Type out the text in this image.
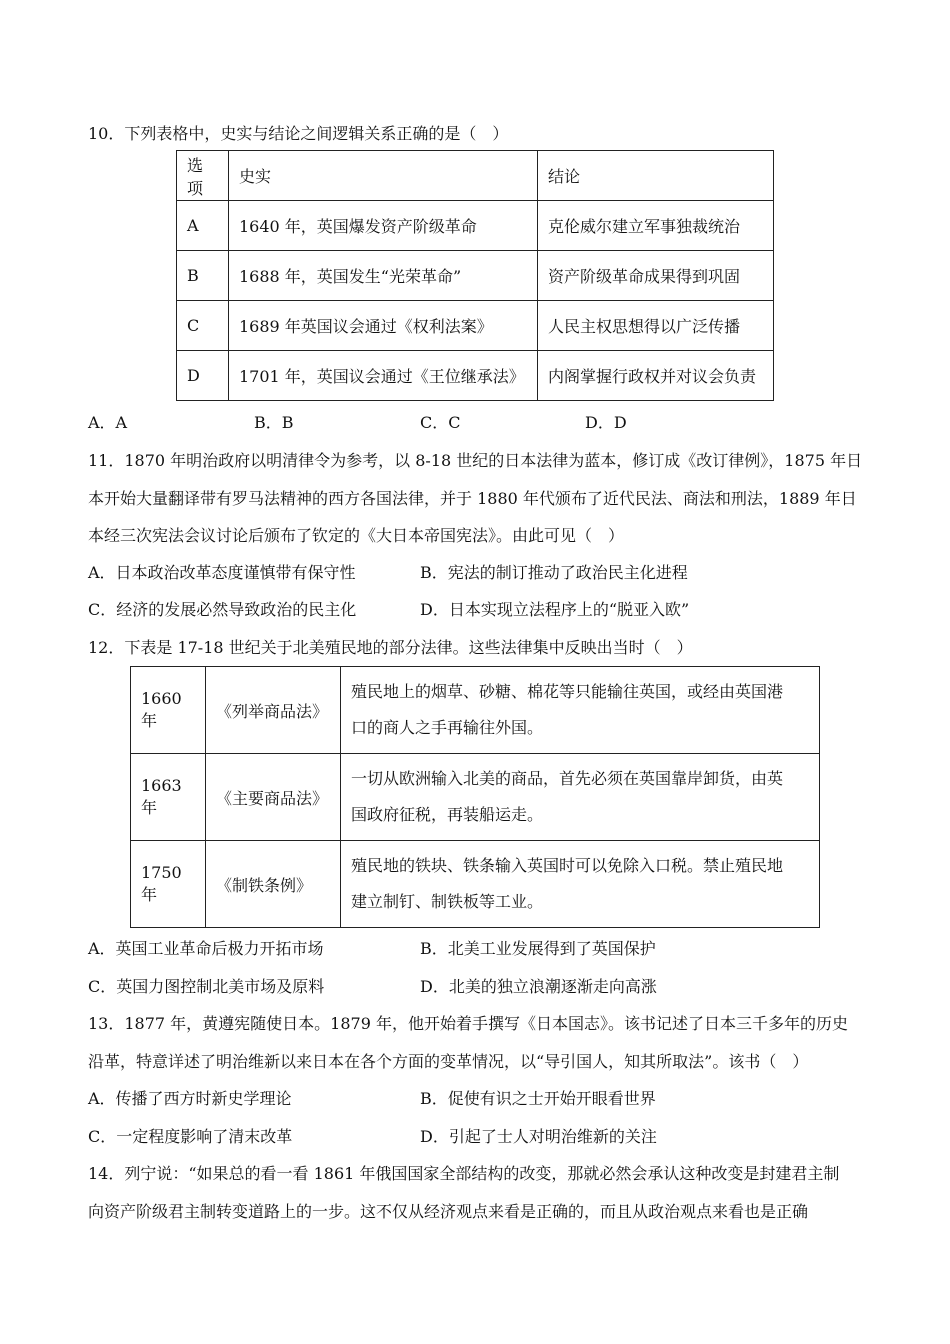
10．下列表格中，史实与结论之间逻辑关系正确的是（　）
选项	史实	结论
A	1640 年，英国爆发资产阶级革命	克伦威尔建立军事独裁统治
B	1688 年，英国发生“光荣革命”	资产阶级革命成果得到巩固
C	1689 年英国议会通过《权利法案》	人民主权思想得以广泛传播
D	1701 年，英国议会通过《王位继承法》	内阁掌握行政权并对议会负责
A．A	B．B	C．C	D．D
11．1870 年明治政府以明清律令为参考，以 8-18 世纪的日本法律为蓝本，修订成《改订律例》，1875 年日
本开始大量翻译带有罗马法精神的西方各国法律，并于 1880 年代颁布了近代民法、商法和刑法，1889 年日
本经三次宪法会议讨论后颁布了钦定的《大日本帝国宪法》。由此可见（　）
A．日本政治改革态度谨慎带有保守性	B．宪法的制订推动了政治民主化进程
C．经济的发展必然导致政治的民主化	D．日本实现立法程序上的“脱亚入欧”
12．下表是 17-18 世纪关于北美殖民地的部分法律。这些法律集中反映出当时（　）
1660 年	《列举商品法》	殖民地上的烟草、砂糖、棉花等只能输往英国，或经由英国港
口的商人之手再输往外国。

1663 年	《主要商品法》	一切从欧洲输入北美的商品，首先必须在英国靠岸卸货，由英
国政府征税，再装船运走。

1750 年	《制铁条例》	殖民地的铁块、铁条输入英国时可以免除入口税。禁止殖民地
建立制钉、制铁板等工业。
A．英国工业革命后极力开拓市场	B．北美工业发展得到了英国保护
C．英国力图控制北美市场及原料	D．北美的独立浪潮逐渐走向高涨
13．1877 年，黄遵宪随使日本。1879 年，他开始着手撰写《日本国志》。该书记述了日本三千多年的历史
沿革，特意详述了明治维新以来日本在各个方面的变革情况，以“导引国人，知其所取法”。该书（　）
A．传播了西方时新史学理论	B．促使有识之士开始开眼看世界
C．一定程度影响了清末改革	D．引起了士人对明治维新的关注
14．列宁说：“如果总的看一看 1861 年俄国国家全部结构的改变，那就必然会承认这种改变是封建君主制
向资产阶级君主制转变道路上的一步。这不仅从经济观点来看是正确的，而且从政治观点来看也是正确
